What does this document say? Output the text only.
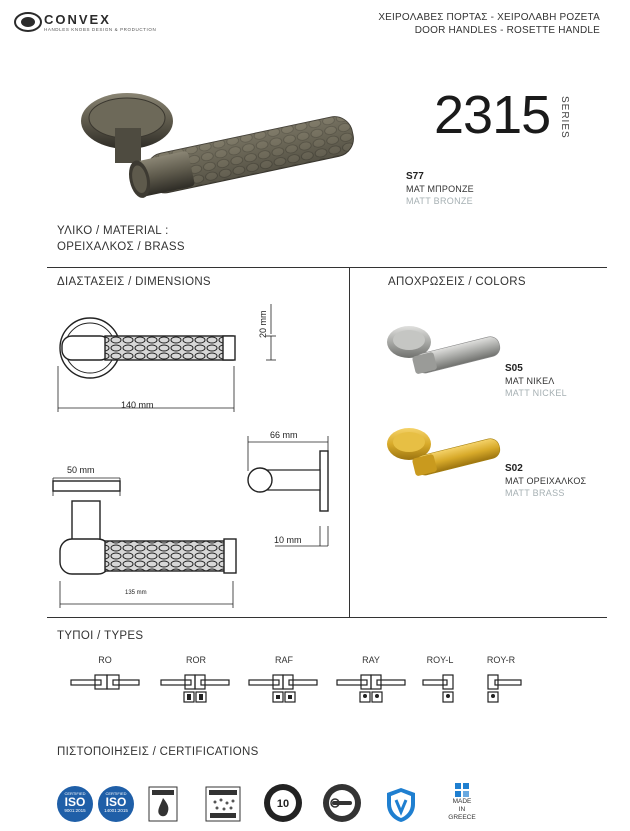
CONVEX
HANDLES KNOBS DESIGN & PRODUCTION
ΧΕΙΡΟΛΑΒΕΣ ΠΟΡΤΑΣ - ΧΕΙΡΟΛΑΒΗ ΡΟΖΕΤΑ
DOOR HANDLES - ROSETTE HANDLE
2315 SERIES
S77
ΜΑΤ ΜΠΡΟΝΖΕ
MATT BRONZE
ΥΛΙΚΟ / MATERIAL :
ΟΡΕΙΧΑΛΚΟΣ / BRASS
ΔΙΑΣΤΑΣΕΙΣ / DIMENSIONS
20 mm
140 mm
66 mm
50 mm
10 mm
135 mm
ΑΠΟΧΡΩΣΕΙΣ / COLORS
S05
ΜΑΤ ΝΙΚΕΛ
MATT NICKEL
S02
ΜΑΤ ΟΡΕΙΧΑΛΚΟΣ
MATT BRASS
ΤΥΠΟΙ / TYPES
RO	ROR	RAF	RAY	ROY-L	ROY-R
ΠΙΣΤΟΠΟΙΗΣΕΙΣ / CERTIFICATIONS
CERTIFIED
ISO
9001:2015
CERTIFIED
ISO
14001:2015
10	MADE
IN
GREECE
